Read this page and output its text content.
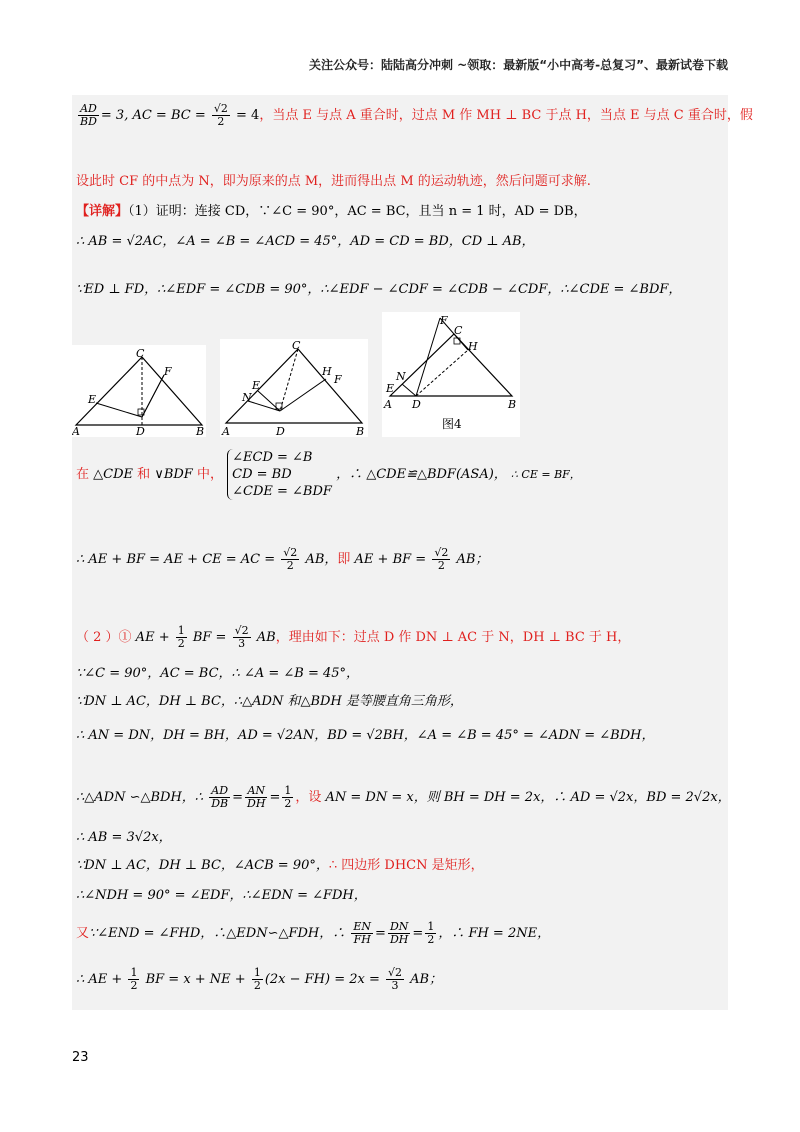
关注公众号：陆陆高分冲刺 ~领取：最新版“小中高考-总复习”、最新试卷下载
$\frac{AD}{BD} = 3$, AC = BC = $\frac{√2}{2} = 4$，当点 E 与点 A 重合时，过点 M 作 MH ⊥ BC 于点 H，当点 E 与点 C 重合时，假
设此时 CF 的中点为 N，即为原来的点 M，进而得出点 M 的运动轨迹，然后问题可求解.
【详解】（1）证明：连接 CD，∵∠C = 90°，AC = BC，且当 n = 1 时，AD = DB，
∴ AB = √2AC，∠A = ∠B = ∠ACD = 45°，AD = CD = BD，CD ⊥ AB，
∵ED ⊥ FD，∴∠EDF = ∠CDB = 90°，∴∠EDF − ∠CDF = ∠CDB − ∠CDF，∴∠CDE = ∠BDF，
C
F
E
A	D	B
C
H
F
E
N
A	D	B
F
C
H
N
E
A D	B
图4
在 △CDE 和 ∨BDF 中，
∠ECD = ∠B
CD = BD
∠CDE = ∠BDF
，∴ △CDE≌△BDF(ASA)， ∴ CE = BF，
∴ AE + BF = AE + CE = AC = $\frac{√2}{2}$ AB，即 AE + BF = $\frac{√2}{2}$ AB；
（ 2 ）① AE + $\frac{1}{2}$ BF = $\frac{√2}{3}$ AB，理由如下：过点 D 作 DN ⊥ AC 于 N，DH ⊥ BC 于 H，
∵∠C = 90°，AC = BC，∴ ∠A = ∠B = 45°，
∵DN ⊥ AC，DH ⊥ BC，∴△ADN 和△BDH 是等腰直角三角形，
∴ AN = DN，DH = BH，AD = √2AN，BD = √2BH，∠A = ∠B = 45° = ∠ADN = ∠BDH，
∴△ADN ∽△BDH，∴ $\frac{AD}{DB} = \frac{AN}{DH} = \frac{1}{2}$ ，设 AN = DN = x，则 BH = DH = 2x，∴ AD = √2x，BD = 2√2x，
∴ AB = 3√2x，
∵DN ⊥ AC，DH ⊥ BC，∠ACB = 90°，∴ 四边形 DHCN 是矩形，
∴∠NDH = 90° = ∠EDF，∴∠EDN = ∠FDH，
又∵∠END = ∠FHD，∴△EDN∽△FDH，∴ $\frac{EN}{FH} = \frac{DN}{DH} = \frac{1}{2}$ ，∴ FH = 2NE，
∴ AE + $\frac{1}{2}$ BF = x + NE + $\frac{1}{2} (2x - FH) = 2x = \frac{√2}{3}$ AB；
23
